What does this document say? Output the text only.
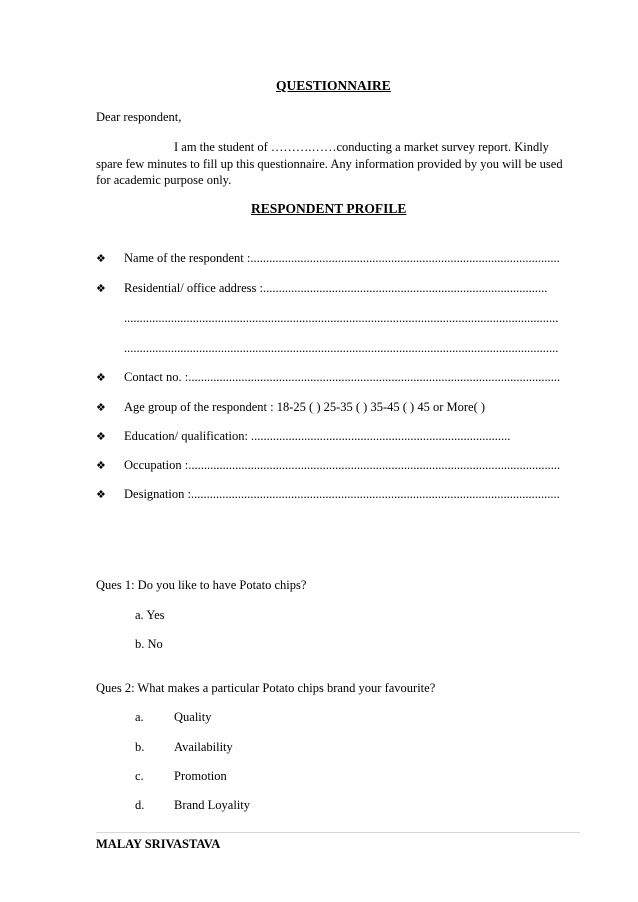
QUESTIONNAIRE
Dear respondent,
I am the student of ……….……conducting a market survey report. Kindly
spare few minutes to fill up this questionnaire. Any information provided by you will be used
for academic purpose only.
RESPONDENT PROFILE
❖ Name of the respondent :...................................................................................................
❖ Residential/ office address :...........................................................................................
...........................................................................................................................................
...........................................................................................................................................
❖ Contact no. :.......................................................................................................................
❖ Age group of the respondent : 18-25 ( ) 25-35 ( ) 35-45 ( ) 45 or More( )
❖ Education/ qualification: ...................................................................................
❖ Occupation :.......................................................................................................................
❖ Designation :......................................................................................................................
Ques 1: Do you like to have Potato chips?
a. Yes
b. No
Ques 2: What makes a particular Potato chips brand your favourite?
a. Quality
b. Availability
c. Promotion
d. Brand Loyality
MALAY SRIVASTAVA
